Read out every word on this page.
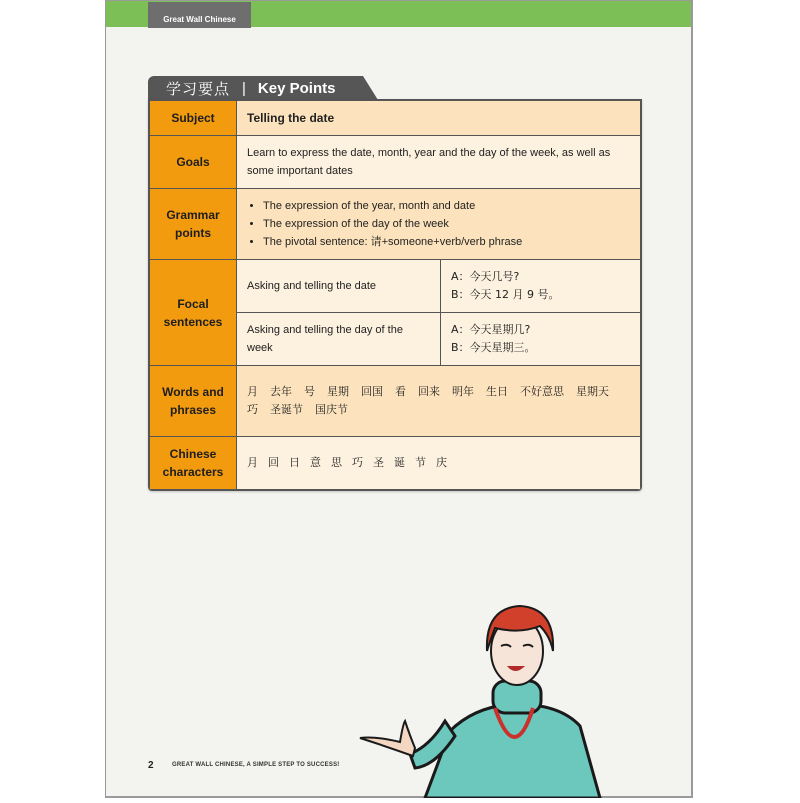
Great Wall Chinese
学习要点 | Key Points
Subject	Telling the date	
Goals	Learn to express the date, month, year and the day of the week, as well as some important dates	
Grammar points	
• The expression of the year, month and date
• The expression of the day of the week
• The pivotal sentence: 请+someone+verb/verb phrase

Focal sentences	Asking and telling the date	A：今天几号?
B：今天 12 月 9 号。

	Asking and telling the day of the week	A：今天星期几?
B：今天星期三。

Words and phrases	月 去年 号 星期 回国 看 回来 明年 生日 不好意思 星期天巧 圣诞节 国庆节	
Chinese characters	月 回 日 意 思 巧 圣 诞 节 庆	
2	GREAT WALL CHINESE, A SIMPLE STEP TO SUCCESS!
